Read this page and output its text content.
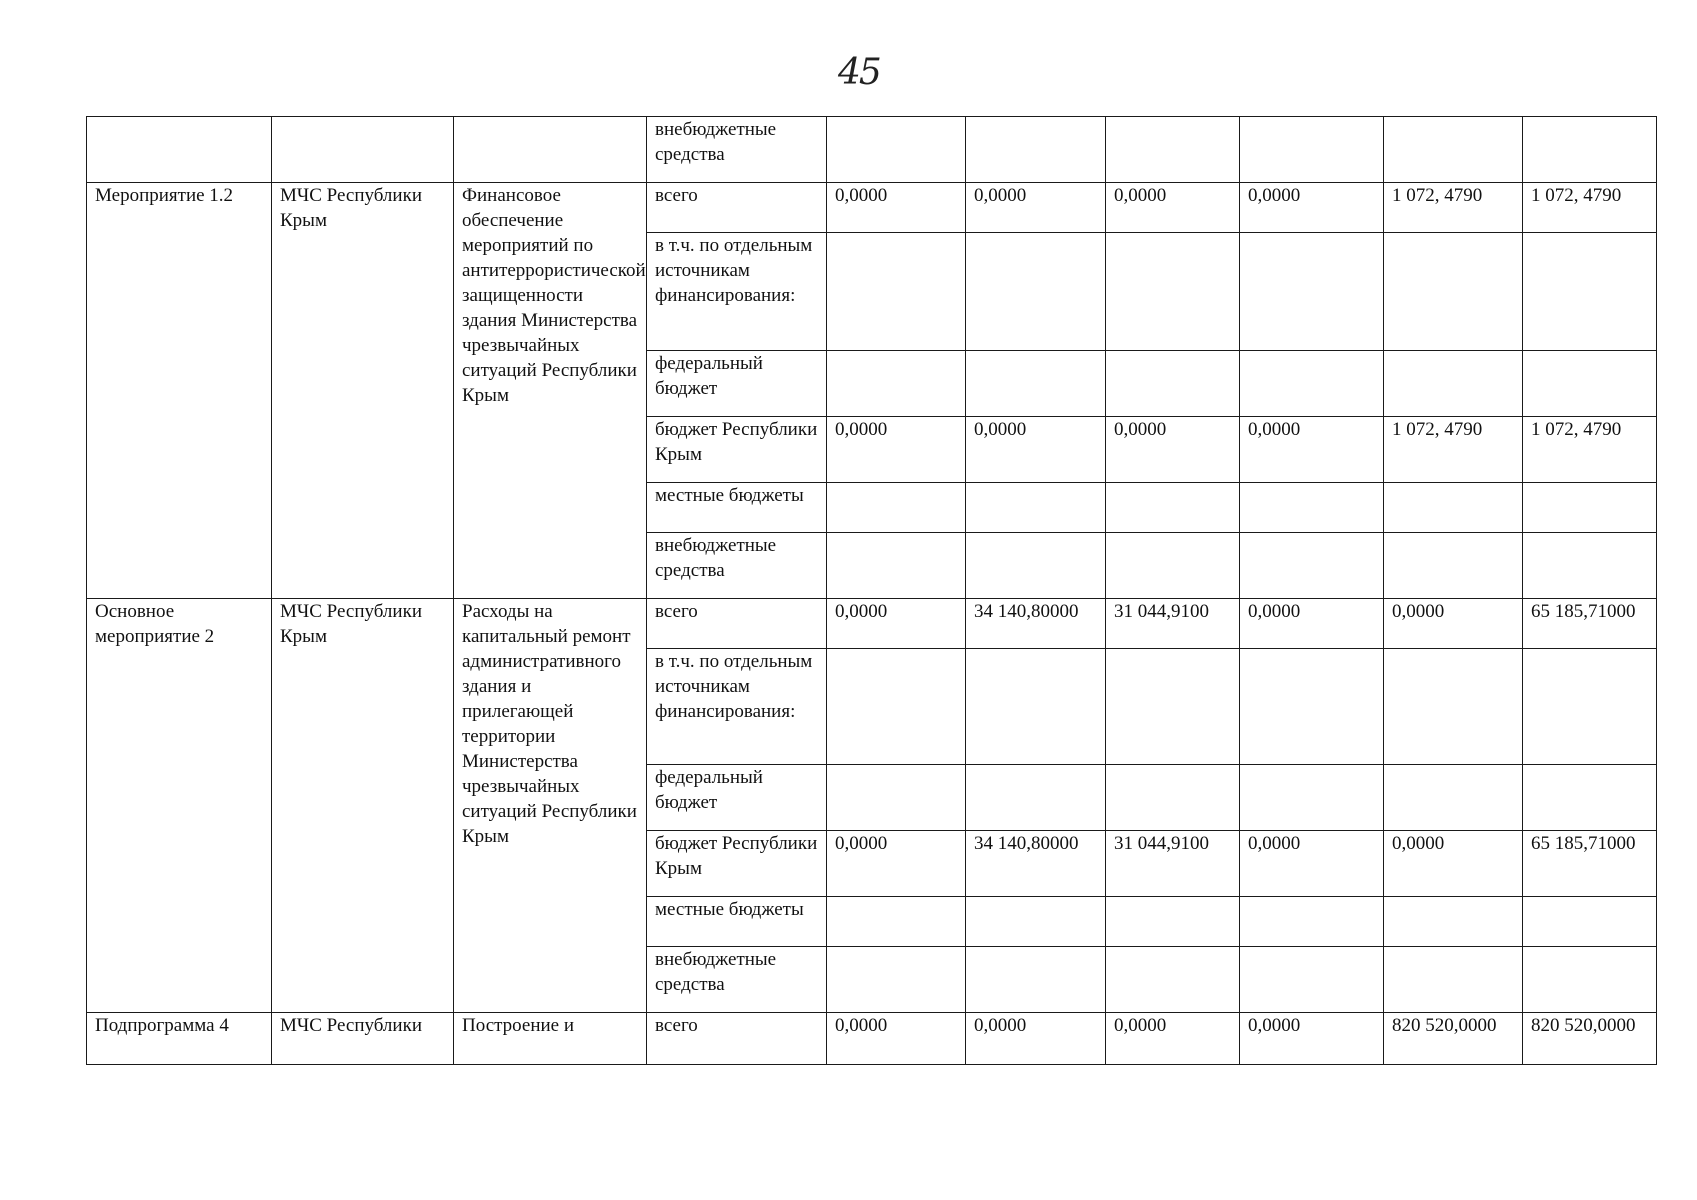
45
			внебюджетные средства						
Мероприятие 1.2	МЧС Республики Крым	Финансовое обеспечение мероприятий по антитеррористической защищенности здания Министерства чрезвычайных ситуаций Республики Крым	всего	0,0000	0,0000	0,0000	0,0000	1 072, 4790	1 072, 4790
			в т.ч. по отдельным источникам финансирования:						
			федеральный бюджет						
			бюджет Республики Крым	0,0000	0,0000	0,0000	0,0000	1 072, 4790	1 072, 4790
			местные бюджеты						
			внебюджетные средства						
Основное мероприятие 2	МЧС Республики Крым	Расходы на капитальный ремонт административного здания и прилегающей территории Министерства чрезвычайных ситуаций Республики Крым	всего	0,0000	34 140,80000	31 044,9100	0,0000	0,0000	65 185,71000
			в т.ч. по отдельным источникам финансирования:						
			федеральный бюджет						
			бюджет Республики Крым	0,0000	34 140,80000	31 044,9100	0,0000	0,0000	65 185,71000
			местные бюджеты						
			внебюджетные средства						
Подпрограмма 4	МЧС Республики	Построение и	всего	0,0000	0,0000	0,0000	0,0000	820 520,0000	820 520,0000
